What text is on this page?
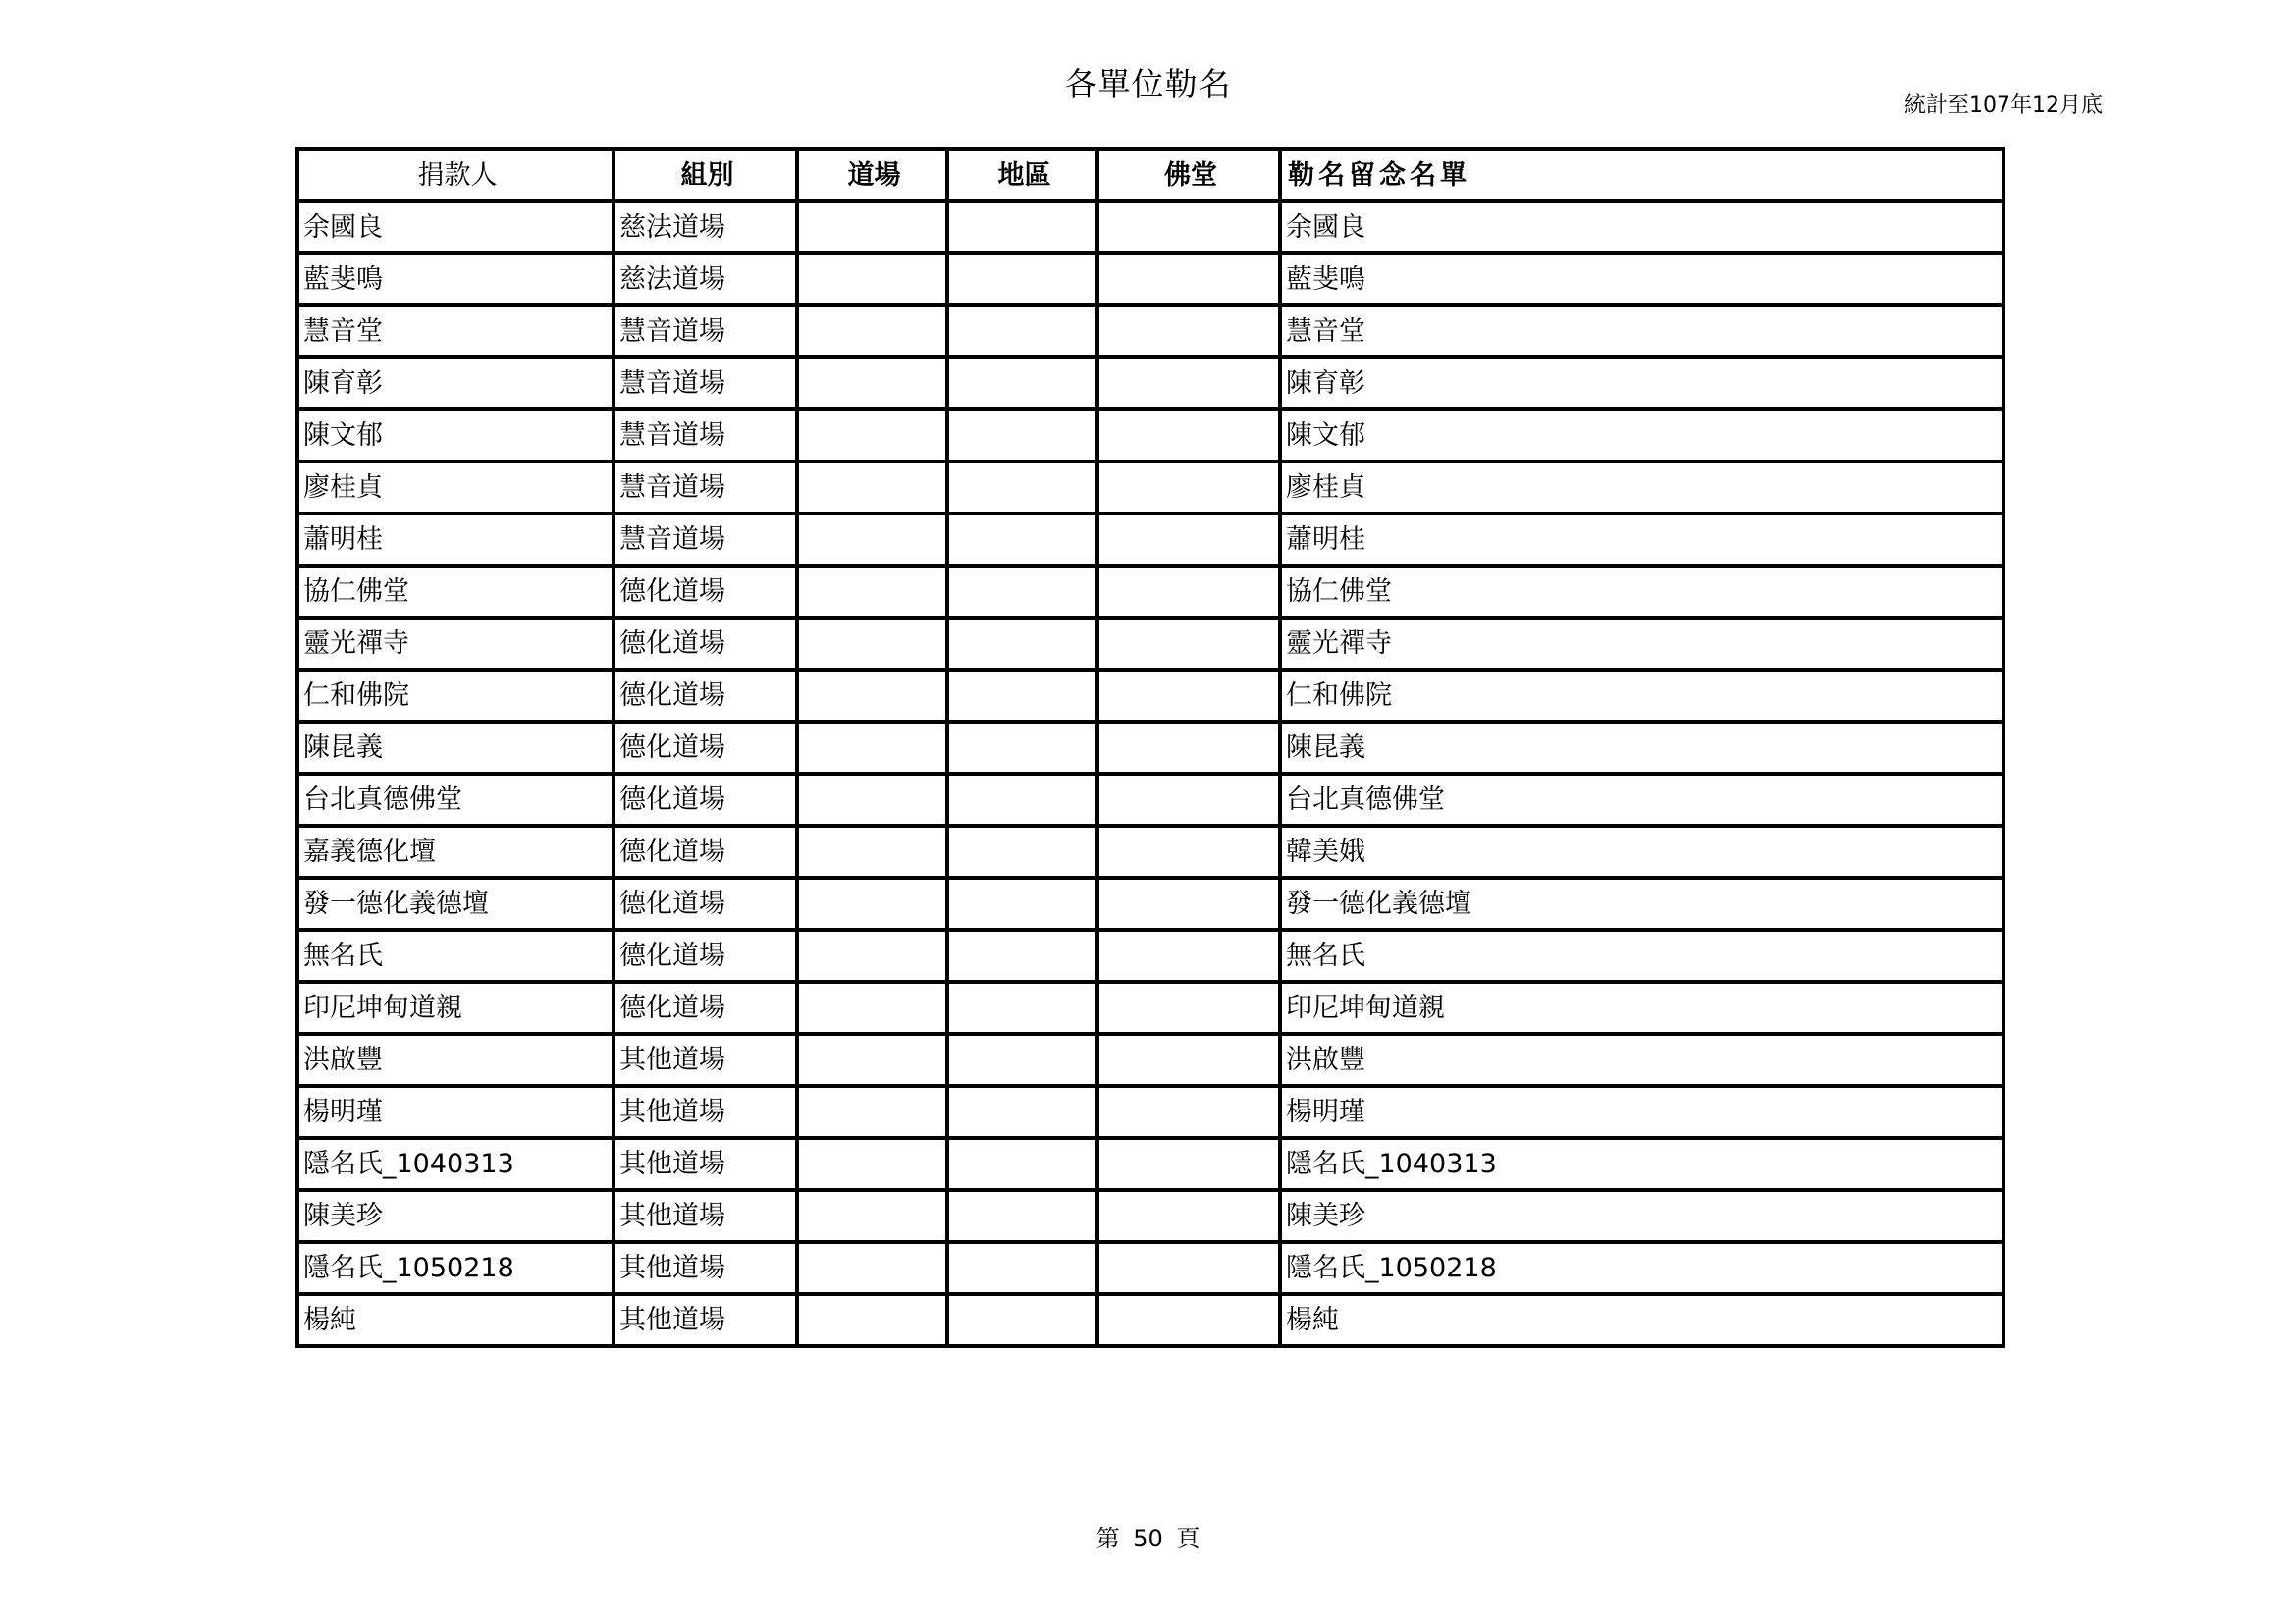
各單位勒名
統計至107年12月底
捐款人	組別	道場	地區	佛堂	勒名留念名單
余國良	慈法道場				余國良
藍斐鳴	慈法道場				藍斐鳴
慧音堂	慧音道場				慧音堂
陳育彰	慧音道場				陳育彰
陳文郁	慧音道場				陳文郁
廖桂貞	慧音道場				廖桂貞
蕭明桂	慧音道場				蕭明桂
協仁佛堂	德化道場				協仁佛堂
靈光禪寺	德化道場				靈光禪寺
仁和佛院	德化道場				仁和佛院
陳昆義	德化道場				陳昆義
台北真德佛堂	德化道場				台北真德佛堂
嘉義德化壇	德化道場				韓美娥
發一德化義德壇	德化道場				發一德化義德壇
無名氏	德化道場				無名氏
印尼坤甸道親	德化道場				印尼坤甸道親
洪啟豐	其他道場				洪啟豐
楊明瑾	其他道場				楊明瑾
隱名氏_1040313	其他道場				隱名氏_1040313
陳美珍	其他道場				陳美珍
隱名氏_1050218	其他道場				隱名氏_1050218
楊純	其他道場				楊純
第 50 頁
